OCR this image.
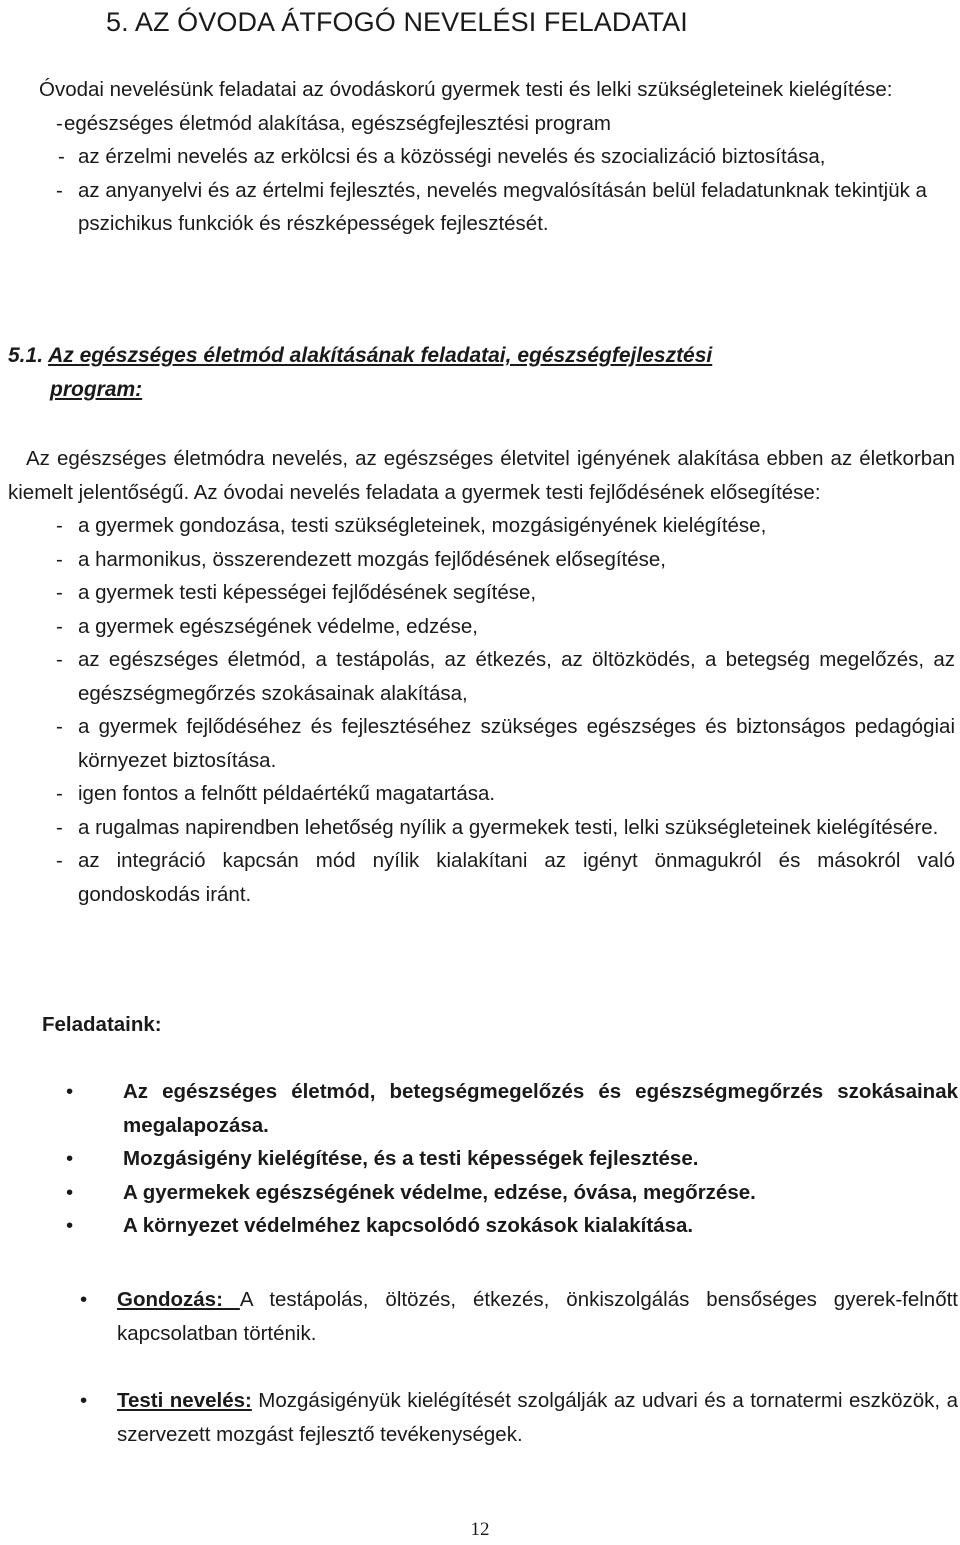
5. AZ ÓVODA ÁTFOGÓ NEVELÉSI FELADATAI

Óvodai nevelésünk feladatai az óvodáskorú gyermek testi és lelki szükségleteinek kielégítése:

- egészséges életmód alakítása, egészségfejlesztési program
- az érzelmi nevelés az erkölcsi és a közösségi nevelés és szocializáció biztosítása,
- az anyanyelvi és az értelmi fejlesztés, nevelés megvalósításán belül feladatunknak tekintjük a pszichikus funkciók és részképességek fejlesztését.
5.1. Az egészséges életmód alakításának feladatai, egészségfejlesztési
program:

Az egészséges életmódra nevelés, az egészséges életvitel igényének alakítása ebben az életkorban kiemelt jelentőségű. Az óvodai nevelés feladata a gyermek testi fejlődésének elősegítése:

- a gyermek gondozása, testi szükségleteinek, mozgásigényének kielégítése,
- a harmonikus, összerendezett mozgás fejlődésének elősegítése,
- a gyermek testi képességei fejlődésének segítése,
- a gyermek egészségének védelme, edzése,
- az egészséges életmód, a testápolás, az étkezés, az öltözködés, a betegség megelőzés, az egészségmegőrzés szokásainak alakítása,
- a gyermek fejlődéséhez és fejlesztéséhez szükséges egészséges és biztonságos pedagógiai környezet biztosítása.
- igen fontos a felnőtt példaértékű magatartása.
- a rugalmas napirendben lehetőség nyílik a gyermekek testi, lelki szükségleteinek kielégítésére.
- az integráció kapcsán mód nyílik kialakítani az igényt önmagukról és másokról való gondoskodás iránt.

Feladataink:

• Az egészséges életmód, betegségmegelőzés és egészségmegőrzés szokásainak megalapozása.
• Mozgásigény kielégítése, és a testi képességek fejlesztése.
• A gyermekek egészségének védelme, edzése, óvása, megőrzése.
• A környezet védelméhez kapcsolódó szokások kialakítása.
• Gondozás: A testápolás, öltözés, étkezés, önkiszolgálás bensőséges gyerek-felnőtt kapcsolatban történik.
• Testi nevelés: Mozgásigényük kielégítését szolgálják az udvari és a tornatermi eszközök, a szervezett mozgást fejlesztő tevékenységek.
12
